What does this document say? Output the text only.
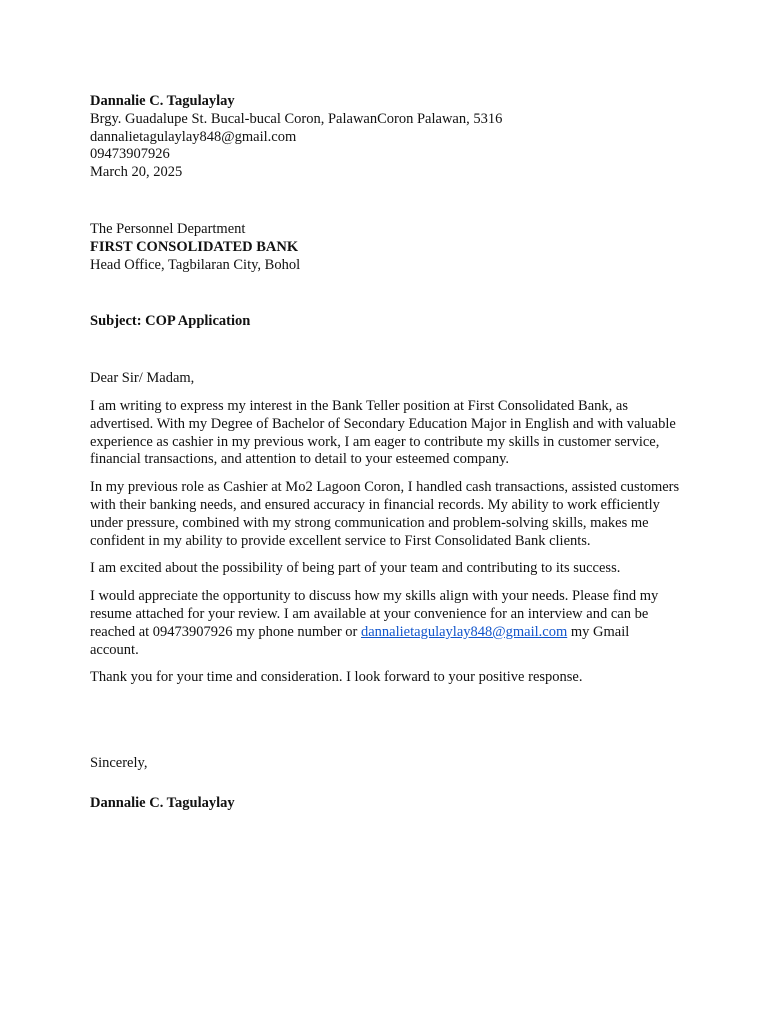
Dannalie C. Tagulaylay
Brgy. Guadalupe St. Bucal-bucal Coron, PalawanCoron Palawan, 5316
dannalietagulaylay848@gmail.com
09473907926
March 20, 2025
The Personnel Department
FIRST CONSOLIDATED BANK
Head Office, Tagbilaran City, Bohol
Subject: COP Application

Dear Sir/ Madam,

I am writing to express my interest in the Bank Teller position at First Consolidated Bank, as advertised. With my Degree of Bachelor of Secondary Education Major in English and with valuable experience as cashier in my previous work, I am eager to contribute my skills in customer service, financial transactions, and attention to detail to your esteemed company.

In my previous role as Cashier at Mo2 Lagoon Coron, I handled cash transactions, assisted customers with their banking needs, and ensured accuracy in financial records. My ability to work efficiently under pressure, combined with my strong communication and problem-solving skills, makes me confident in my ability to provide excellent service to First Consolidated Bank clients.

I am excited about the possibility of being part of your team and contributing to its success.

I would appreciate the opportunity to discuss how my skills align with your needs. Please find my resume attached for your review. I am available at your convenience for an interview and can be reached at 09473907926 my phone number or dannalietagulaylay848@gmail.com my Gmail account.

Thank you for your time and consideration. I look forward to your positive response.

Sincerely,
Dannalie C. Tagulaylay
